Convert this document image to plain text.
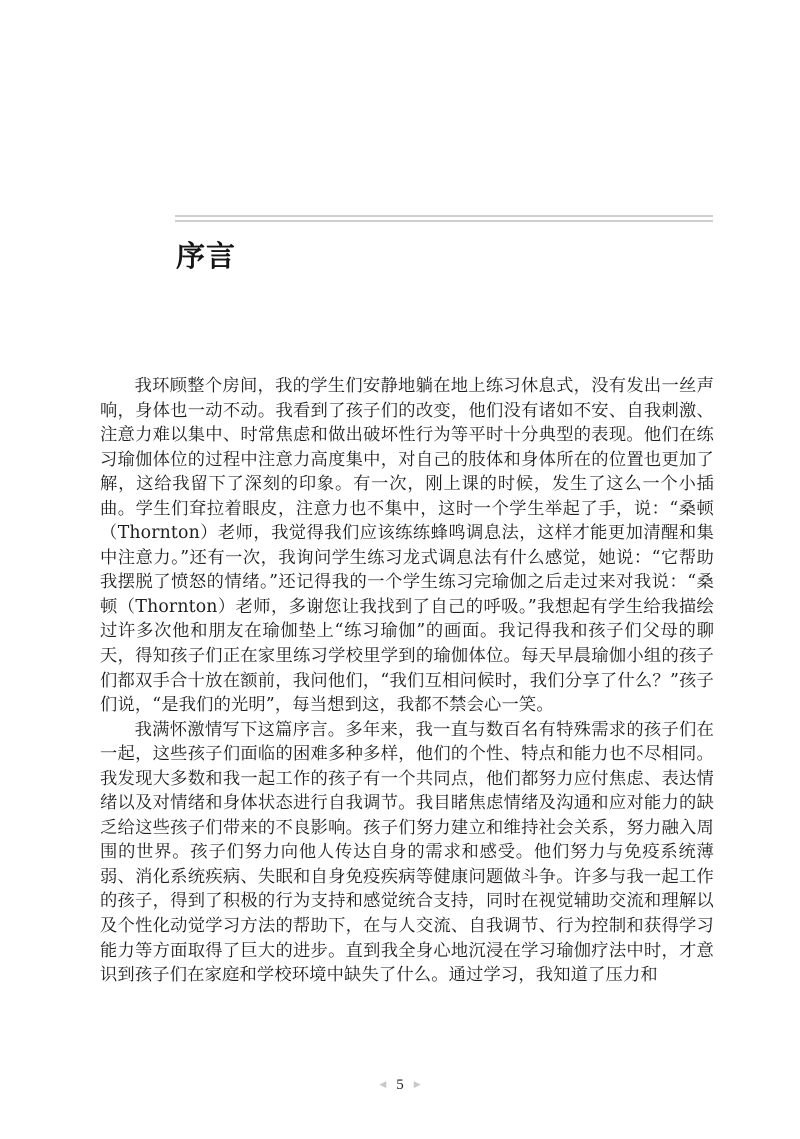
序言

我环顾整个房间，我的学生们安静地躺在地上练习休息式，没有发出一丝声响，身体也一动不动。我看到了孩子们的改变，他们没有诸如不安、自我刺激、注意力难以集中、时常焦虑和做出破坏性行为等平时十分典型的表现。他们在练习瑜伽体位的过程中注意力高度集中，对自己的肢体和身体所在的位置也更加了解，这给我留下了深刻的印象。有一次，刚上课的时候，发生了这么一个小插曲。学生们耷拉着眼皮，注意力也不集中，这时一个学生举起了手，说：“桑顿（Thornton）老师，我觉得我们应该练练蜂鸣调息法，这样才能更加清醒和集中注意力。”还有一次，我询问学生练习龙式调息法有什么感觉，她说：“它帮助我摆脱了愤怒的情绪。”还记得我的一个学生练习完瑜伽之后走过来对我说：“桑顿（Thornton）老师，多谢您让我找到了自己的呼吸。”我想起有学生给我描绘过许多次他和朋友在瑜伽垫上“练习瑜伽”的画面。我记得我和孩子们父母的聊天，得知孩子们正在家里练习学校里学到的瑜伽体位。每天早晨瑜伽小组的孩子们都双手合十放在额前，我问他们，“我们互相问候时，我们分享了什么？”孩子们说，“是我们的光明”，每当想到这，我都不禁会心一笑。

我满怀激情写下这篇序言。多年来，我一直与数百名有特殊需求的孩子们在一起，这些孩子们面临的困难多种多样，他们的个性、特点和能力也不尽相同。我发现大多数和我一起工作的孩子有一个共同点，他们都努力应付焦虑、表达情绪以及对情绪和身体状态进行自我调节。我目睹焦虑情绪及沟通和应对能力的缺乏给这些孩子们带来的不良影响。孩子们努力建立和维持社会关系，努力融入周围的世界。孩子们努力向他人传达自身的需求和感受。他们努力与免疫系统薄弱、消化系统疾病、失眠和自身免疫疾病等健康问题做斗争。许多与我一起工作的孩子，得到了积极的行为支持和感觉统合支持，同时在视觉辅助交流和理解以及个性化动觉学习方法的帮助下，在与人交流、自我调节、行为控制和获得学习能力等方面取得了巨大的进步。直到我全身心地沉浸在学习瑜伽疗法中时，才意识到孩子们在家庭和学校环境中缺失了什么。通过学习，我知道了压力和

◀ 5 ▶
